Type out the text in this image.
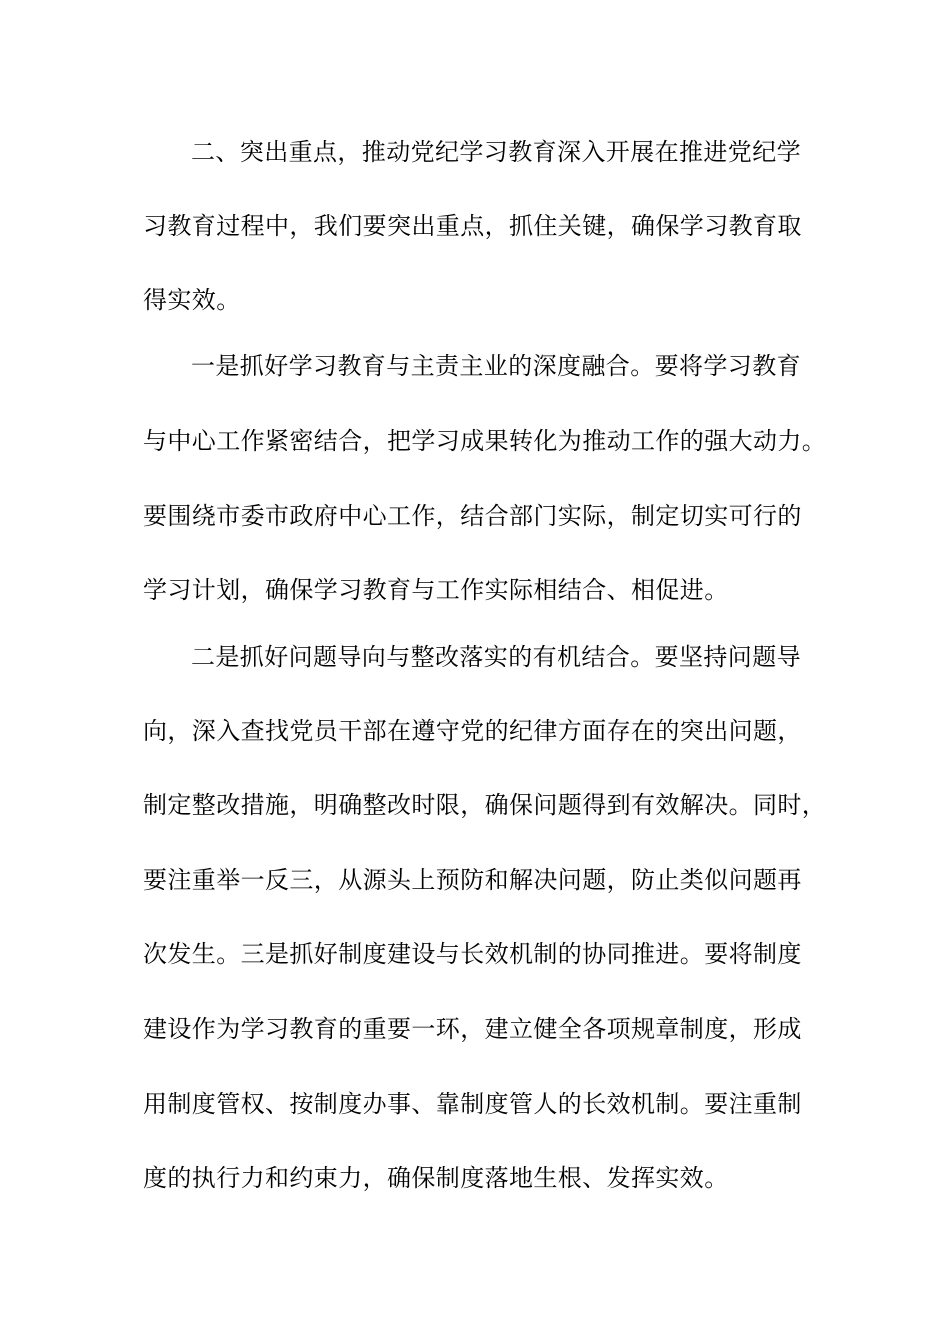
二、突出重点，推动党纪学习教育深入开展在推进党纪学
习教育过程中，我们要突出重点，抓住关键，确保学习教育取
得实效。
一是抓好学习教育与主责主业的深度融合。要将学习教育
与中心工作紧密结合，把学习成果转化为推动工作的强大动力。
要围绕市委市政府中心工作，结合部门实际，制定切实可行的
学习计划，确保学习教育与工作实际相结合、相促进。
二是抓好问题导向与整改落实的有机结合。要坚持问题导
向，深入查找党员干部在遵守党的纪律方面存在的突出问题，
制定整改措施，明确整改时限，确保问题得到有效解决。同时，
要注重举一反三，从源头上预防和解决问题，防止类似问题再
次发生。三是抓好制度建设与长效机制的协同推进。要将制度
建设作为学习教育的重要一环，建立健全各项规章制度，形成
用制度管权、按制度办事、靠制度管人的长效机制。要注重制
度的执行力和约束力，确保制度落地生根、发挥实效。
